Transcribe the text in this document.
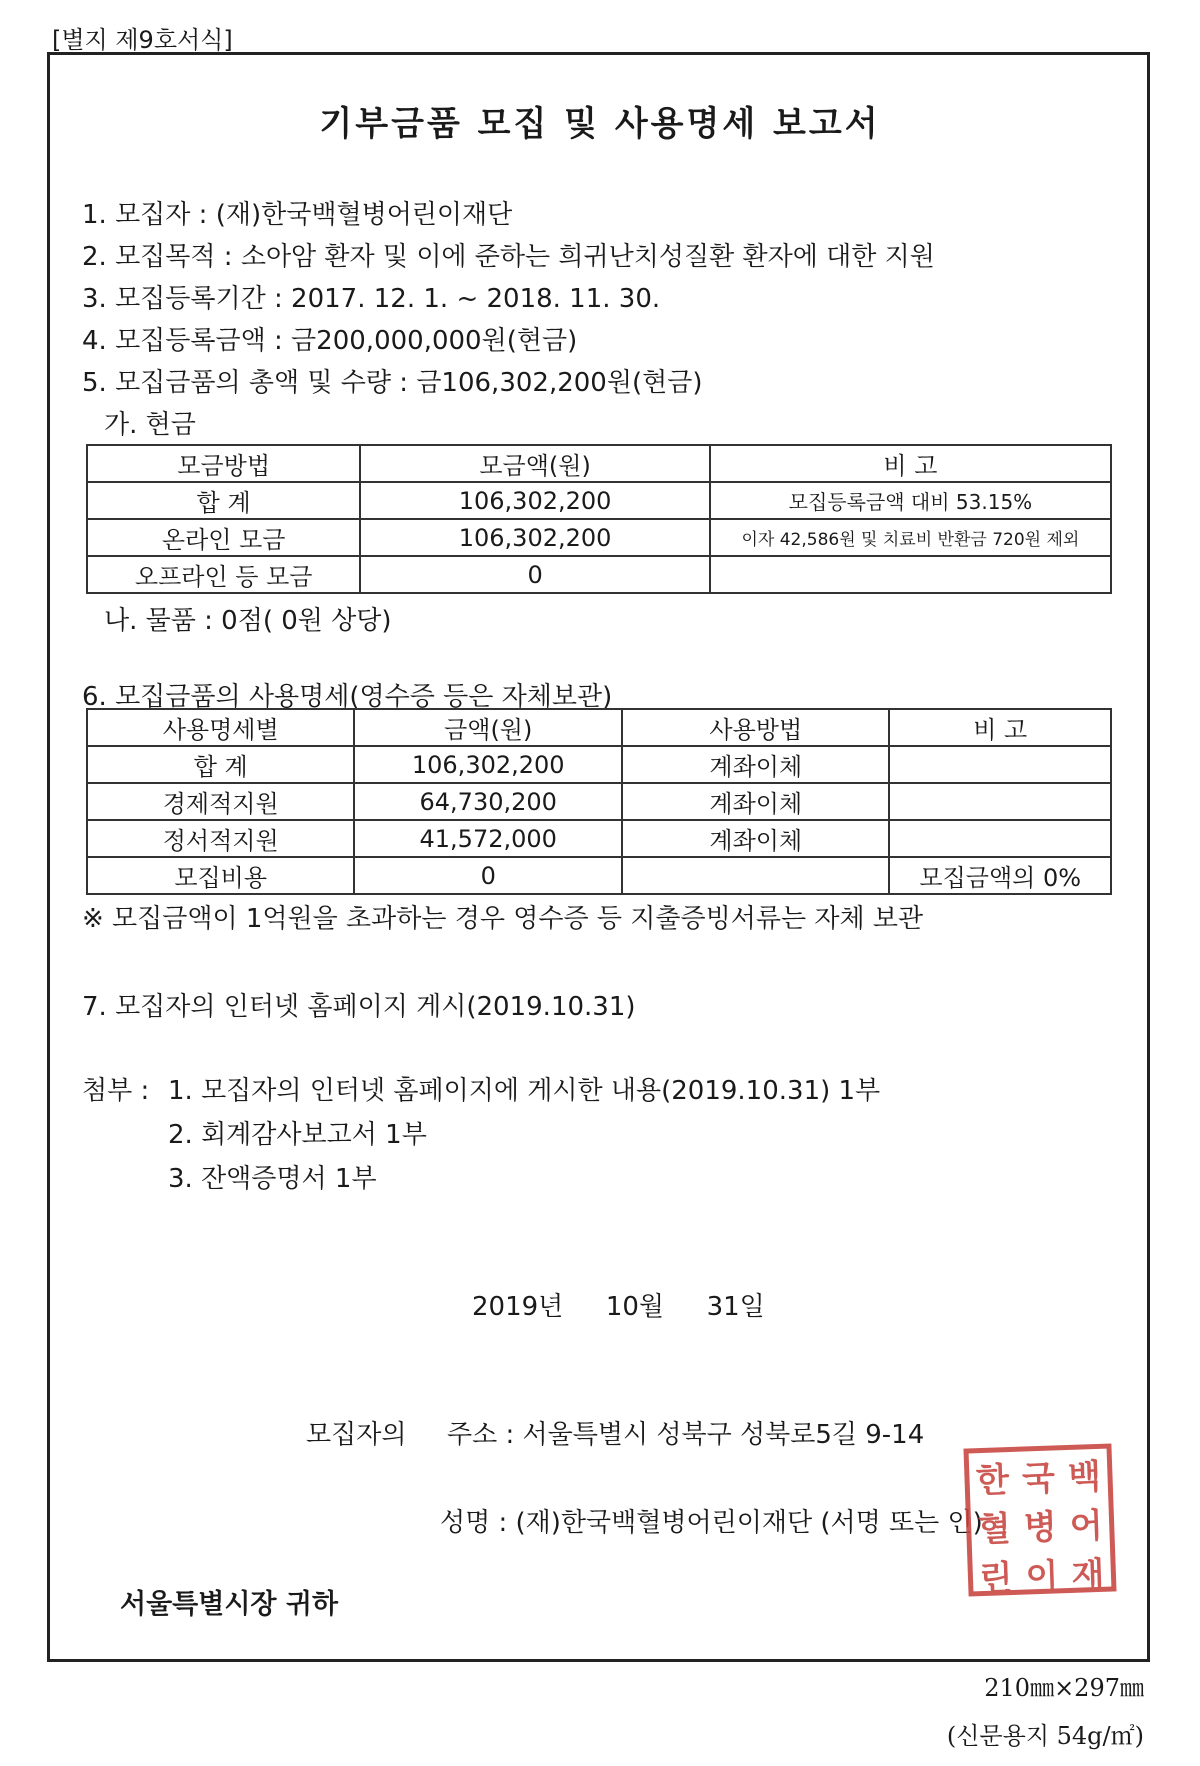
[별지 제9호서식]
기부금품 모집 및 사용명세 보고서
1. 모집자 : (재)한국백혈병어린이재단
2. 모집목적 : 소아암 환자 및 이에 준하는 희귀난치성질환 환자에 대한 지원
3. 모집등록기간 : 2017. 12. 1. ~ 2018. 11. 30.
4. 모집등록금액 : 금200,000,000원(현금)
5. 모집금품의 총액 및 수량 : 금106,302,200원(현금)
가. 현금
모금방법	모금액(원)	비 고
합 계	106,302,200	모집등록금액 대비 53.15%
온라인 모금	106,302,200	이자 42,586원 및 치료비 반환금 720원 제외
오프라인 등 모금	0	
나. 물품 : 0점( 0원 상당)
6. 모집금품의 사용명세(영수증 등은 자체보관)
사용명세별	금액(원)	사용방법	비 고
합 계	106,302,200	계좌이체	
경제적지원	64,730,200	계좌이체	
정서적지원	41,572,000	계좌이체	
모집비용	0		모집금액의 0%
※ 모집금액이 1억원을 초과하는 경우 영수증 등 지출증빙서류는 자체 보관
7. 모집자의 인터넷 홈페이지 게시(2019.10.31)
첨부 : 1. 모집자의 인터넷 홈페이지에 게시한 내용(2019.10.31) 1부
2. 회계감사보고서 1부
3. 잔액증명서 1부
2019년 10월 31일
모집자의 주소 : 서울특별시 성북구 성북로5길 9-14
성명 : (재)한국백혈병어린이재단 (서명 또는 인)
한 국 백
혈 병 어
린 이 재
서울특별시장 귀하
210㎜×297㎜
(신문용지 54g/㎡)
